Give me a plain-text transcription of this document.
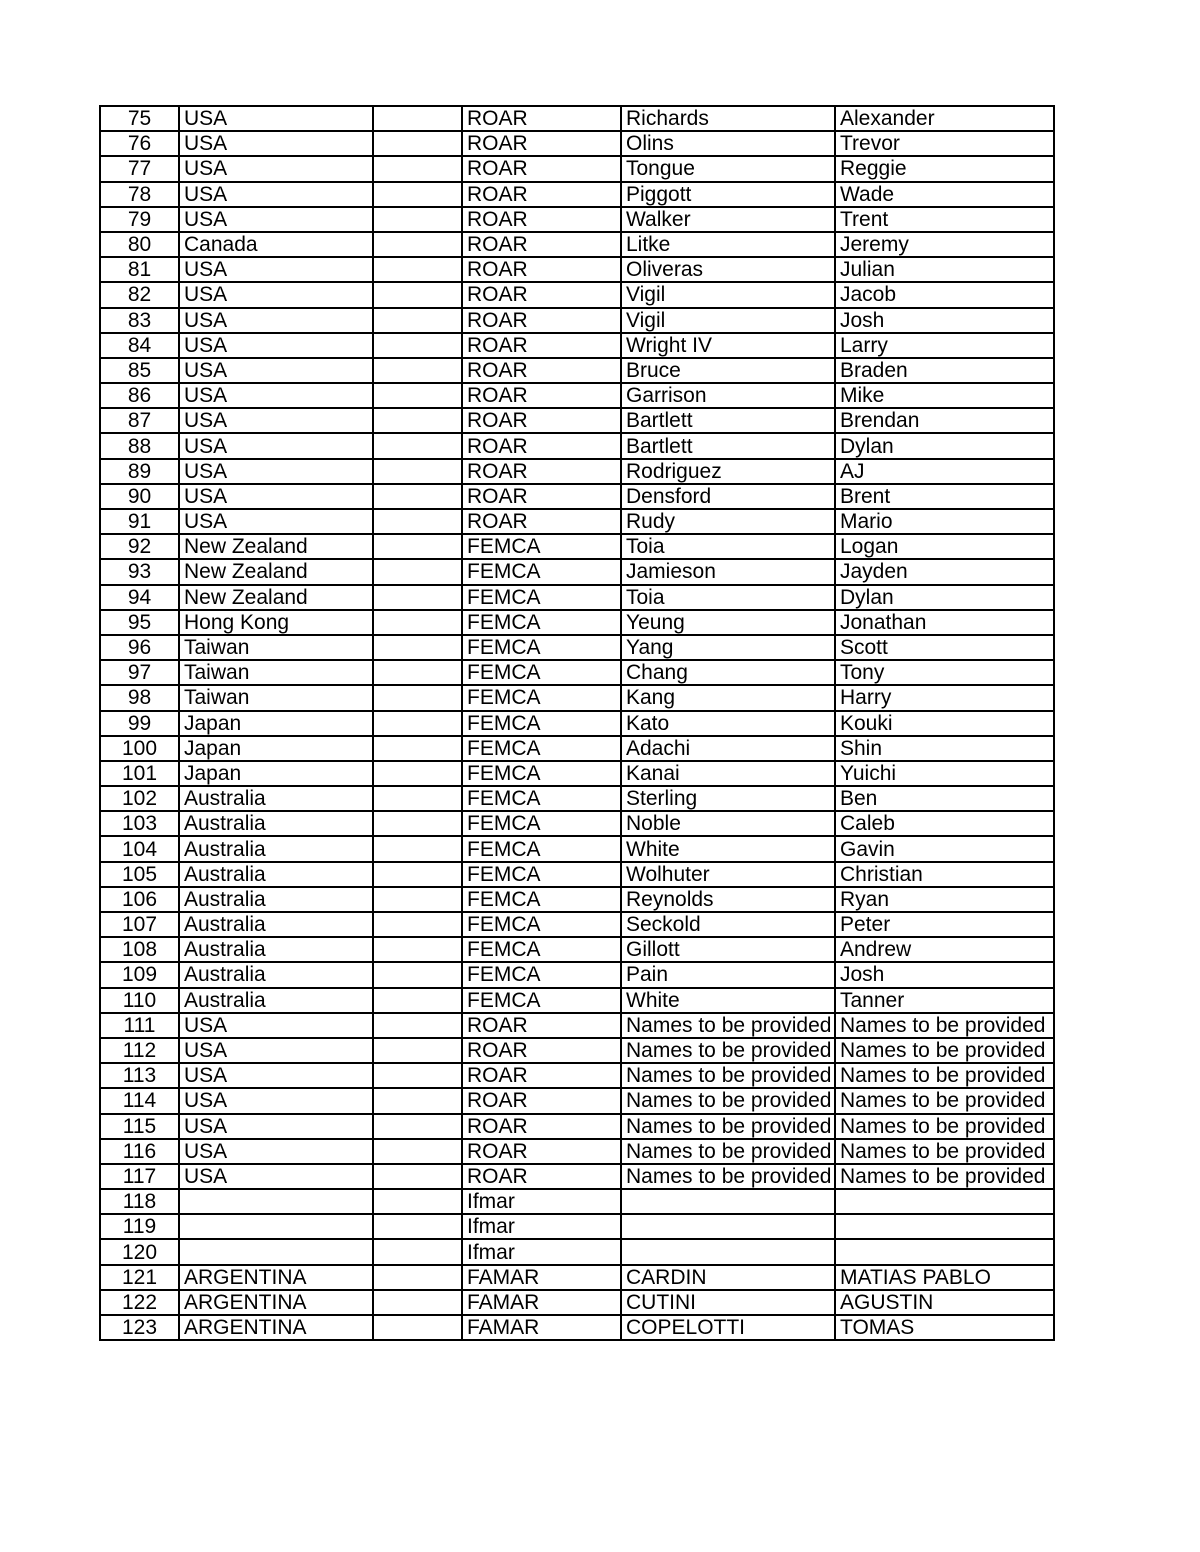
75	USA		ROAR	Richards	Alexander
76	USA		ROAR	Olins	Trevor
77	USA		ROAR	Tongue	Reggie
78	USA		ROAR	Piggott	Wade
79	USA		ROAR	Walker	Trent
80	Canada		ROAR	Litke	Jeremy
81	USA		ROAR	Oliveras	Julian
82	USA		ROAR	Vigil	Jacob
83	USA		ROAR	Vigil	Josh
84	USA		ROAR	Wright IV	Larry
85	USA		ROAR	Bruce	Braden
86	USA		ROAR	Garrison	Mike
87	USA		ROAR	Bartlett	Brendan
88	USA		ROAR	Bartlett	Dylan
89	USA		ROAR	Rodriguez	AJ
90	USA		ROAR	Densford	Brent
91	USA		ROAR	Rudy	Mario
92	New Zealand		FEMCA	Toia	Logan
93	New Zealand		FEMCA	Jamieson	Jayden
94	New Zealand		FEMCA	Toia	Dylan
95	Hong Kong		FEMCA	Yeung	Jonathan
96	Taiwan		FEMCA	Yang	Scott
97	Taiwan		FEMCA	Chang	Tony
98	Taiwan		FEMCA	Kang	Harry
99	Japan		FEMCA	Kato	Kouki
100	Japan		FEMCA	Adachi	Shin
101	Japan		FEMCA	Kanai	Yuichi
102	Australia		FEMCA	Sterling	Ben
103	Australia		FEMCA	Noble	Caleb
104	Australia		FEMCA	White	Gavin
105	Australia		FEMCA	Wolhuter	Christian
106	Australia		FEMCA	Reynolds	Ryan
107	Australia		FEMCA	Seckold	Peter
108	Australia		FEMCA	Gillott	Andrew
109	Australia		FEMCA	Pain	Josh
110	Australia		FEMCA	White	Tanner
111	USA		ROAR	Names to be provided	Names to be provided
112	USA		ROAR	Names to be provided	Names to be provided
113	USA		ROAR	Names to be provided	Names to be provided
114	USA		ROAR	Names to be provided	Names to be provided
115	USA		ROAR	Names to be provided	Names to be provided
116	USA		ROAR	Names to be provided	Names to be provided
117	USA		ROAR	Names to be provided	Names to be provided
118			Ifmar		
119			Ifmar		
120			Ifmar		
121	ARGENTINA		FAMAR	CARDIN	MATIAS PABLO
122	ARGENTINA		FAMAR	CUTINI	AGUSTIN
123	ARGENTINA		FAMAR	COPELOTTI	TOMAS
